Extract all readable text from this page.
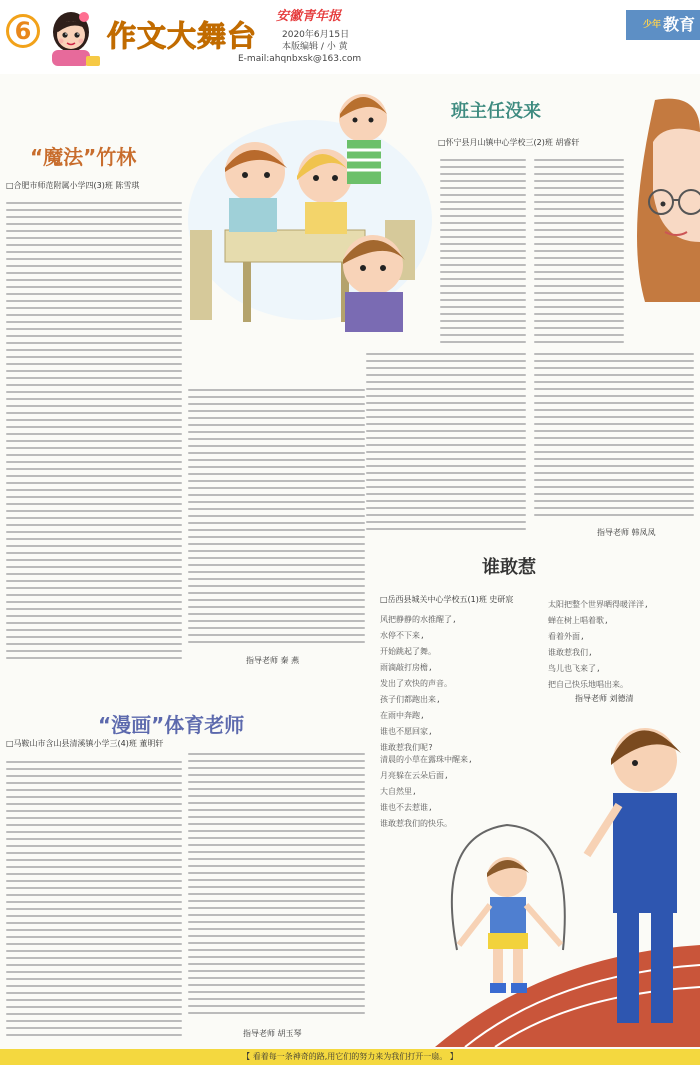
6	作文大舞台
安徽青年报
2020年6月15日
本版编辑 / 小 黄
E-mail:ahqnbxsk@163.com
$^{少年}$ 教育
“魔法”竹林
□合肥市师范附属小学四(3)班 陈雪琪
指导老师 秦 燕
班主任没来
□怀宁县月山镇中心学校三(2)班 胡睿轩
指导老师 韩凤凤
谁敢惹
□岳西县城关中心学校五(1)班 史研宸
风把静静的水推醒了,
水停不下来,
开始跳起了舞。
雨滴敲打房檐,
发出了欢快的声音。
孩子们都跑出来,
在雨中奔跑,
谁也不愿回家,
谁敢惹我们呢?
太阳把整个世界晒得暖洋洋,
蝉在树上唱着歌,
看着外面,
谁敢惹我们,
鸟儿也飞来了,
把自己快乐地唱出来。
指导老师 刘德清
清晨的小草在露珠中醒来,
月亮躲在云朵后面,
大自然里,
谁也不去惹谁,
谁敢惹我们的快乐。
“漫画”体育老师
□马鞍山市含山县清溪镇小学三(4)班 董明轩
指导老师 胡玉琴
【 看着每一条神奇的路,用它们的努力来为我们打开一扇。 】
